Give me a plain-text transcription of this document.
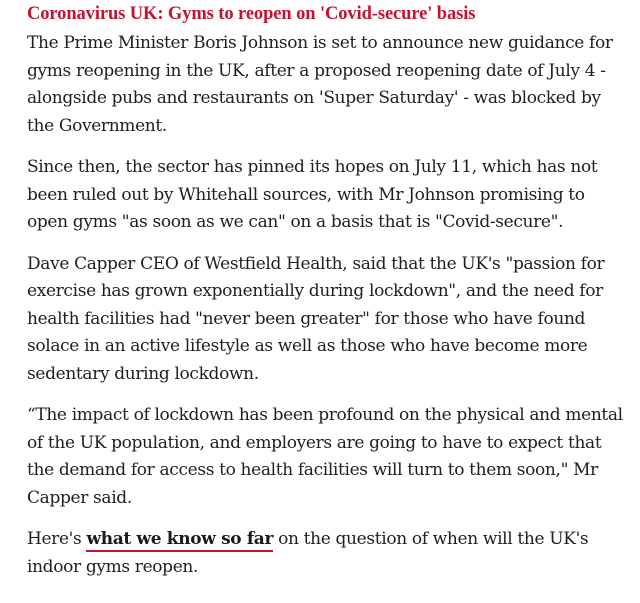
Coronavirus UK: Gyms to reopen on 'Covid-secure' basis

The Prime Minister Boris Johnson is set to announce new guidance for gyms reopening in the UK, after a proposed reopening date of July 4 - alongside pubs and restaurants on 'Super Saturday' - was blocked by the Government.

Since then, the sector has pinned its hopes on July 11, which has not been ruled out by Whitehall sources, with Mr Johnson promising to open gyms "as soon as we can" on a basis that is "Covid-secure".

Dave Capper CEO of Westfield Health, said that the UK's "passion for exercise has grown exponentially during lockdown", and the need for health facilities had "never been greater" for those who have found solace in an active lifestyle as well as those who have become more sedentary during lockdown.

“The impact of lockdown has been profound on the physical and mental of the UK population, and employers are going to have to expect that the demand for access to health facilities will turn to them soon," Mr Capper said.

Here's what we know so far on the question of when will the UK's indoor gyms reopen.
